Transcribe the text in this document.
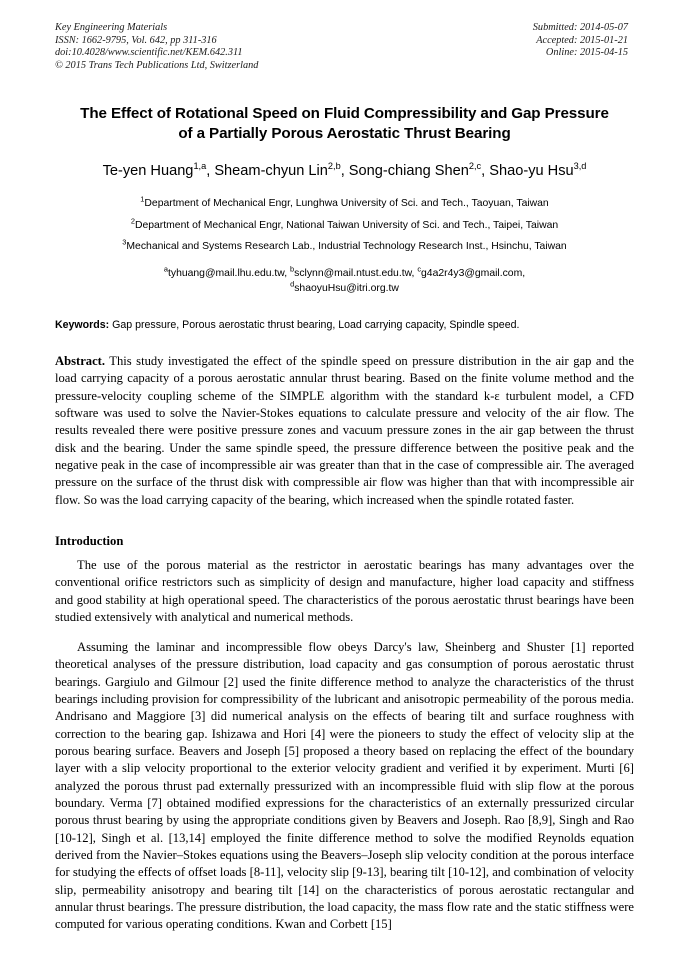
Key Engineering Materials
ISSN: 1662-9795, Vol. 642, pp 311-316
doi:10.4028/www.scientific.net/KEM.642.311
© 2015 Trans Tech Publications Ltd, Switzerland
Submitted: 2014-05-07
Accepted: 2015-01-21
Online: 2015-04-15
The Effect of Rotational Speed on Fluid Compressibility and Gap Pressure of a Partially Porous Aerostatic Thrust Bearing
Te-yen Huang$^{1,a}$, Sheam-chyun Lin$^{2,b}$, Song-chiang Shen$^{2,c}$, Shao-yu Hsu$^{3,d}$
$^1$Department of Mechanical Engr, Lunghwa University of Sci. and Tech., Taoyuan, Taiwan
$^2$Department of Mechanical Engr, National Taiwan University of Sci. and Tech., Taipei, Taiwan
$^3$Mechanical and Systems Research Lab., Industrial Technology Research Inst., Hsinchu, Taiwan
$^a$tyhuang@mail.lhu.edu.tw, $^b$sclynn@mail.ntust.edu.tw, $^c$g4a2r4y3@gmail.com,
$^d$shaoyuHsu@itri.org.tw
Keywords: Gap pressure, Porous aerostatic thrust bearing, Load carrying capacity, Spindle speed.
Abstract. This study investigated the effect of the spindle speed on pressure distribution in the air gap and the load carrying capacity of a porous aerostatic annular thrust bearing. Based on the finite volume method and the pressure-velocity coupling scheme of the SIMPLE algorithm with the standard k-ε turbulent model, a CFD software was used to solve the Navier-Stokes equations to calculate pressure and velocity of the air flow. The results revealed there were positive pressure zones and vacuum pressure zones in the air gap between the thrust disk and the bearing. Under the same spindle speed, the pressure difference between the positive peak and the negative peak in the case of incompressible air was greater than that in the case of compressible air. The averaged pressure on the surface of the thrust disk with compressible air flow was higher than that with incompressible air flow. So was the load carrying capacity of the bearing, which increased when the spindle rotated faster.
Introduction

The use of the porous material as the restrictor in aerostatic bearings has many advantages over the conventional orifice restrictors such as simplicity of design and manufacture, higher load capacity and stiffness and good stability at high operational speed. The characteristics of the porous aerostatic thrust bearings have been studied extensively with analytical and numerical methods.

Assuming the laminar and incompressible flow obeys Darcy's law, Sheinberg and Shuster [1] reported theoretical analyses of the pressure distribution, load capacity and gas consumption of porous aerostatic thrust bearings. Gargiulo and Gilmour [2] used the finite difference method to analyze the characteristics of the thrust bearings including provision for compressibility of the lubricant and anisotropic permeability of the porous media. Andrisano and Maggiore [3] did numerical analysis on the effects of bearing tilt and surface roughness with correction to the bearing gap. Ishizawa and Hori [4] were the pioneers to study the effect of velocity slip at the porous bearing surface. Beavers and Joseph [5] proposed a theory based on replacing the effect of the boundary layer with a slip velocity proportional to the exterior velocity gradient and verified it by experiment. Murti [6] analyzed the porous thrust pad externally pressurized with an incompressible fluid with slip flow at the porous boundary. Verma [7] obtained modified expressions for the characteristics of an externally pressurized circular porous thrust bearing by using the appropriate conditions given by Beavers and Joseph. Rao [8,9], Singh and Rao [10-12], Singh et al. [13,14] employed the finite difference method to solve the modified Reynolds equation derived from the Navier–Stokes equations using the Beavers–Joseph slip velocity condition at the porous interface for studying the effects of offset loads [8-11], velocity slip [9-13], bearing tilt [10-12], and combination of velocity slip, permeability anisotropy and bearing tilt [14] on the characteristics of porous aerostatic rectangular and annular thrust bearings. The pressure distribution, the load capacity, the mass flow rate and the static stiffness were computed for various operating conditions. Kwan and Corbett [15]
